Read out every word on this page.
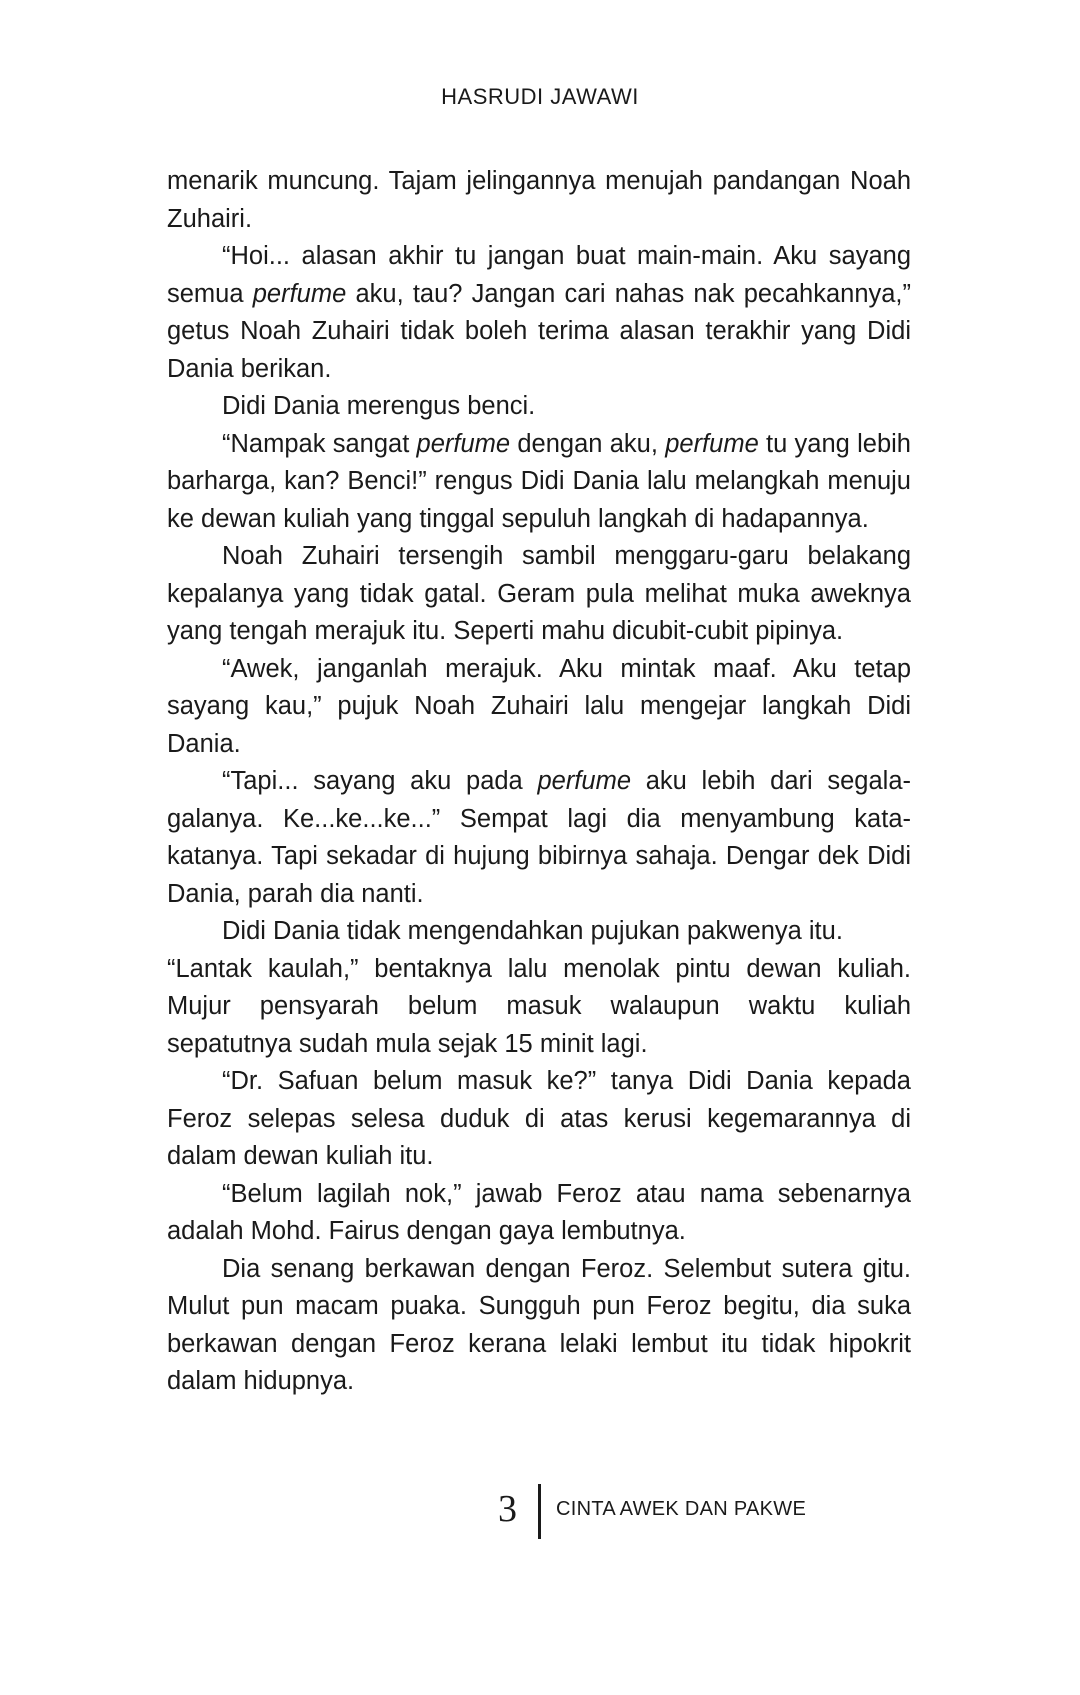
HASRUDI JAWAWI

menarik muncung. Tajam jelingannya menujah pandangan Noah Zuhairi.

“Hoi... alasan akhir tu jangan buat main-main. Aku sayang semua perfume aku, tau? Jangan cari nahas nak pecahkannya,” getus Noah Zuhairi tidak boleh terima alasan terakhir yang Didi Dania berikan.

Didi Dania merengus benci.

“Nampak sangat perfume dengan aku, perfume tu yang lebih barharga, kan? Benci!” rengus Didi Dania lalu melangkah menuju ke dewan kuliah yang tinggal sepuluh langkah di hadapannya.

Noah Zuhairi tersengih sambil menggaru-garu belakang kepalanya yang tidak gatal. Geram pula melihat muka aweknya yang tengah merajuk itu. Seperti mahu dicubit-cubit pipinya.

“Awek, janganlah merajuk. Aku mintak maaf. Aku tetap sayang kau,” pujuk Noah Zuhairi lalu mengejar langkah Didi Dania.

“Tapi... sayang aku pada perfume aku lebih dari segala-galanya. Ke...ke...ke...” Sempat lagi dia menyambung kata-katanya. Tapi sekadar di hujung bibirnya sahaja. Dengar dek Didi Dania, parah dia nanti.

Didi Dania tidak mengendahkan pujukan pakwenya itu.

“Lantak kaulah,” bentaknya lalu menolak pintu dewan kuliah. Mujur pensyarah belum masuk walaupun waktu kuliah sepatutnya sudah mula sejak 15 minit lagi.

“Dr. Safuan belum masuk ke?” tanya Didi Dania kepada Feroz selepas selesa duduk di atas kerusi kegemarannya di dalam dewan kuliah itu.

“Belum lagilah nok,” jawab Feroz atau nama sebenarnya adalah Mohd. Fairus dengan gaya lembutnya.

Dia senang berkawan dengan Feroz. Selembut sutera gitu. Mulut pun macam puaka. Sungguh pun Feroz begitu, dia suka berkawan dengan Feroz kerana lelaki lembut itu tidak hipokrit dalam hidupnya.

3	CINTA AWEK DAN PAKWE
